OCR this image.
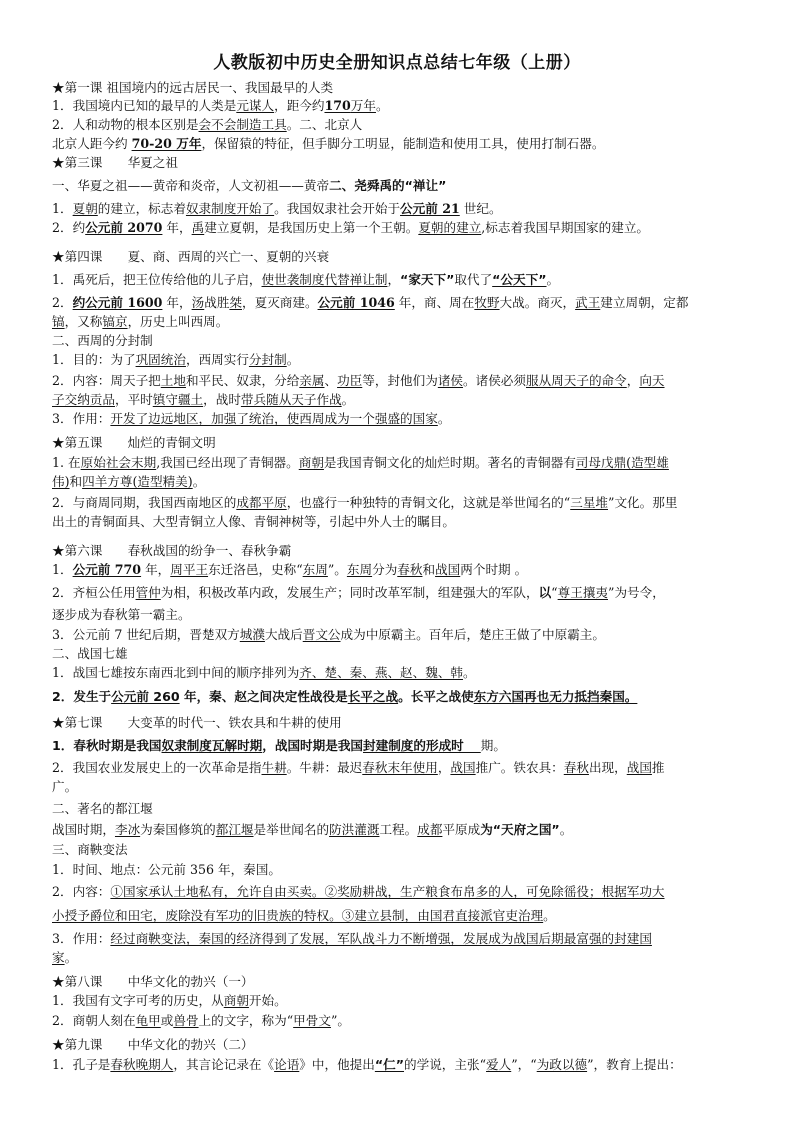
人教版初中历史全册知识点总结七年级（上册）
★第一课 祖国境内的远古居民一、我国最早的人类
1．我国境内已知的最早的人类是元谋人，距今约170万年。
2．人和动物的根本区别是会不会制造工具。二、北京人
北京人距今约 70-20 万年，保留猿的特征，但手脚分工明显，能制造和使用工具，使用打制石器。
★第三课　　华夏之祖
一、华夏之祖——黄帝和炎帝，人文初祖——黄帝二、尧舜禹的“禅让”
1．夏朝的建立，标志着奴隶制度开始了。我国奴隶社会开始于公元前 21 世纪。
2．约公元前 2070 年，禹建立夏朝，是我国历史上第一个王朝。夏朝的建立,标志着我国早期国家的建立。
★第四课　　夏、商、西周的兴亡一、夏朝的兴衰
1．禹死后，把王位传给他的儿子启，使世袭制度代替禅让制，“家天下”取代了“公天下”。
2．约公元前 1600 年，汤战胜桀，夏灭商建。公元前 1046 年，商、周在牧野大战。商灭，武王建立周朝，定都
镐，又称镐京，历史上叫西周。
二、西周的分封制
1．目的：为了巩固统治，西周实行分封制。
2．内容：周天子把土地和平民、奴隶，分给亲属、功臣等，封他们为诸侯。诸侯必须服从周天子的命令，向天
子交纳贡品，平时镇守疆土，战时带兵随从天子作战。
3．作用：开发了边远地区，加强了统治，使西周成为一个强盛的国家。
★第五课　　灿烂的青铜文明
1. 在原始社会末期,我国已经出现了青铜器。商朝是我国青铜文化的灿烂时期。著名的青铜器有司母戊鼎(造型雄
伟)和四羊方尊(造型精美)。
2．与商周同期，我国西南地区的成都平原，也盛行一种独特的青铜文化，这就是举世闻名的“三星堆”文化。那里
出土的青铜面具、大型青铜立人像、青铜神树等，引起中外人士的瞩目。
★第六课　　春秋战国的纷争一、春秋争霸
1．公元前 770 年，周平王东迁洛邑，史称“东周”。东周分为春秋和战国两个时期 。
2．齐桓公任用管仲为相，积极改革内政，发展生产；同时改革军制，组建强大的军队，以“尊王攘夷”为号令，
逐步成为春秋第一霸主。
3．公元前 7 世纪后期，晋楚双方城濮大战后晋文公成为中原霸主。百年后，楚庄王做了中原霸主。
二、战国七雄
1．战国七雄按东南西北到中间的顺序排列为齐、楚、秦、燕、赵、魏、韩。
2．发生于公元前 260 年，秦、赵之间决定性战役是长平之战。长平之战使东方六国再也无力抵挡秦国。
★第七课　　大变革的时代一、铁农具和牛耕的使用
1．春秋时期是我国奴隶制度瓦解时期，战国时期是我国封建制度的形成时　 期。
2．我国农业发展史上的一次革命是指牛耕。牛耕：最迟春秋末年使用，战国推广。铁农具：春秋出现，战国推
广。
二、著名的都江堰
战国时期，李冰为秦国修筑的都江堰是举世闻名的防洪灌溉工程。成都平原成为“天府之国”。
三、商鞅变法
1．时间、地点：公元前 356 年，秦国。
2．内容：①国家承认土地私有，允许自由买卖。②奖励耕战，生产粮食布帛多的人，可免除徭役；根据军功大
小授予爵位和田宅，废除没有军功的旧贵族的特权。③建立县制，由国君直接派官吏治理。
3．作用：经过商鞅变法，秦国的经济得到了发展，军队战斗力不断增强，发展成为战国后期最富强的封建国
家。
★第八课　　中华文化的勃兴（一）
1．我国有文字可考的历史，从商朝开始。
2．商朝人刻在龟甲或兽骨上的文字，称为“甲骨文”。
★第九课　　中华文化的勃兴（二）
1．孔子是春秋晚期人，其言论记录在《论语》中，他提出“仁”的学说，主张“爱人”，“为政以德”，教育上提出：
